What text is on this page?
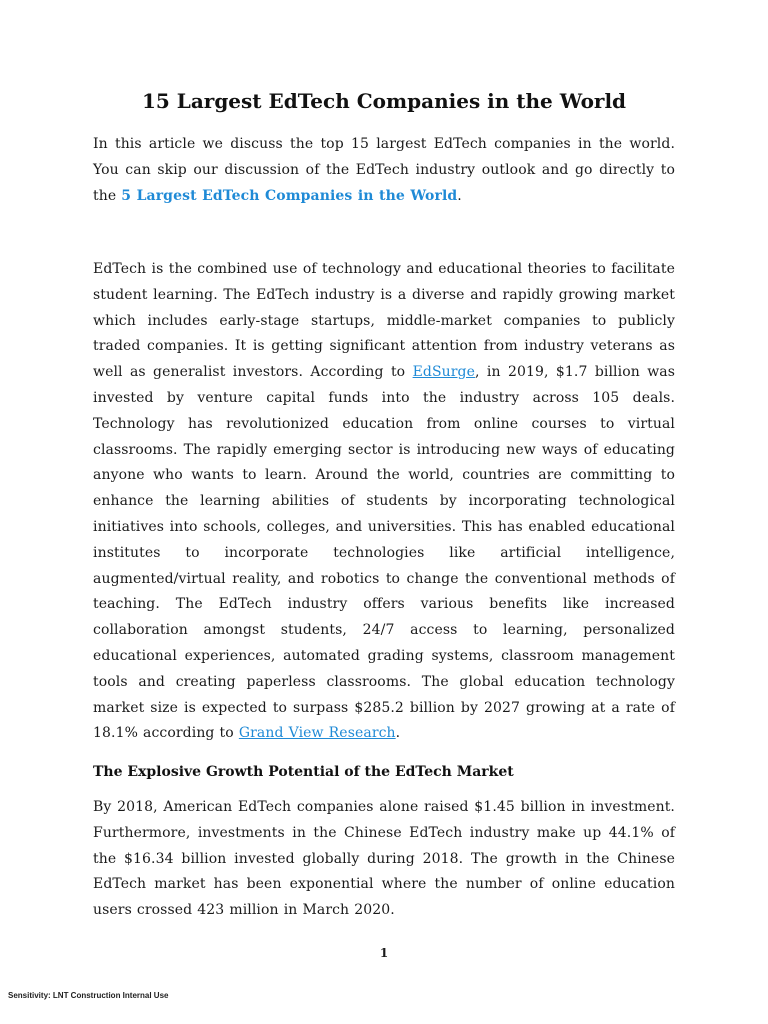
15 Largest EdTech Companies in the World

In this article we discuss the top 15 largest EdTech companies in the world. You can skip our discussion of the EdTech industry outlook and go directly to the 5 Largest EdTech Companies in the World.

EdTech is the combined use of technology and educational theories to facilitate student learning. The EdTech industry is a diverse and rapidly growing market which includes early-stage startups, middle-market companies to publicly traded companies. It is getting significant attention from industry veterans as well as generalist investors. According to EdSurge, in 2019, $1.7 billion was invested by venture capital funds into the industry across 105 deals. Technology has revolutionized education from online courses to virtual classrooms. The rapidly emerging sector is introducing new ways of educating anyone who wants to learn. Around the world, countries are committing to enhance the learning abilities of students by incorporating technological initiatives into schools, colleges, and universities. This has enabled educational institutes to incorporate technologies like artificial intelligence, augmented/virtual reality, and robotics to change the conventional methods of teaching. The EdTech industry offers various benefits like increased collaboration amongst students, 24/7 access to learning, personalized educational experiences, automated grading systems, classroom management tools and creating paperless classrooms. The global education technology market size is expected to surpass $285.2 billion by 2027 growing at a rate of 18.1% according to Grand View Research.

The Explosive Growth Potential of the EdTech Market

By 2018, American EdTech companies alone raised $1.45 billion in investment. Furthermore, investments in the Chinese EdTech industry make up 44.1% of the $16.34 billion invested globally during 2018. The growth in the Chinese EdTech market has been exponential where the number of online education users crossed 423 million in March 2020.

1

Sensitivity: LNT Construction Internal Use
